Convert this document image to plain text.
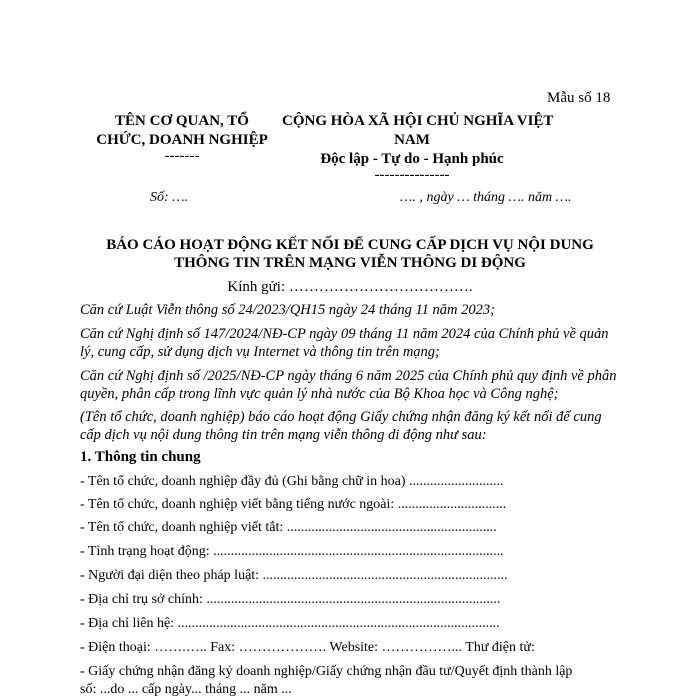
Mẫu số 18
TÊN CƠ QUAN, TỔ
CHỨC, DOANH NGHIỆP
-------
CỘNG HÒA XÃ HỘI CHỦ NGHĨA VIỆT
NAM
Độc lập - Tự do - Hạnh phúc
---------------
Số: ….	…. , ngày … tháng …. năm ….
BÁO CÁO HOẠT ĐỘNG KẾT NỐI ĐỂ CUNG CẤP DỊCH VỤ NỘI DUNG
THÔNG TIN TRÊN MẠNG VIỄN THÔNG DI ĐỘNG
Kính gửi: ……………………………….
Căn cứ Luật Viễn thông số 24/2023/QH15 ngày 24 tháng 11 năm 2023;
Căn cứ Nghị định số 147/2024/NĐ-CP ngày 09 tháng 11 năm 2024 của Chính phủ về quản lý, cung cấp, sử dụng dịch vụ Internet và thông tin trên mạng;
Căn cứ Nghị định số /2025/NĐ-CP ngày tháng 6 năm 2025 của Chính phủ quy định về phân quyền, phân cấp trong lĩnh vực quản lý nhà nước của Bộ Khoa học và Công nghệ;
(Tên tổ chức, doanh nghiệp) báo cáo hoạt động Giấy chứng nhận đăng ký kết nối để cung cấp dịch vụ nội dung thông tin trên mạng viễn thông di động như sau:
1. Thông tin chung
- Tên tổ chức, doanh nghiệp đầy đủ (Ghi bằng chữ in hoa) ...........................
- Tên tổ chức, doanh nghiệp viết bằng tiếng nước ngoài: ...............................
- Tên tổ chức, doanh nghiệp viết tắt: ............................................................
- Tình trạng hoạt động: ...................................................................................
- Người đại diện theo pháp luật: ......................................................................
- Địa chỉ trụ sở chính: ....................................................................................
- Địa chỉ liên hệ: ............................................................................................
- Điện thoại: …….….. Fax: ………………. Website: ……………... Thư điện tử:
- Giấy chứng nhận đăng ký doanh nghiệp/Giấy chứng nhận đầu tư/Quyết định thành lập
số: ...do ... cấp ngày... tháng ... năm ...
